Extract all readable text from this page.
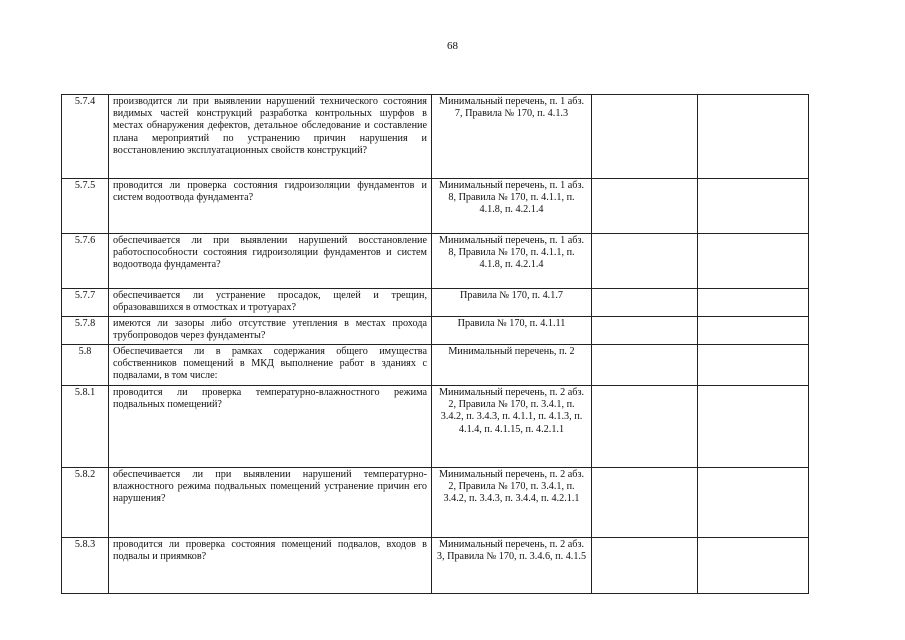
68
5.7.4	производится ли при выявлении нарушений технического состояния видимых частей конструкций разработка контрольных шурфов в местах обнаружения дефектов, детальное обследование и составление плана мероприятий по устранению причин нарушения и восстановлению эксплуатационных свойств конструкций?	Минимальный перечень, п. 1 абз. 7, Правила № 170, п. 4.1.3		
5.7.5	проводится ли проверка состояния гидроизоляции фундаментов и систем водоотвода фундамента?	Минимальный перечень, п. 1 абз. 8, Правила № 170, п. 4.1.1, п. 4.1.8, п. 4.2.1.4		
5.7.6	обеспечивается ли при выявлении нарушений восстановление работоспособности состояния гидроизоляции фундаментов и систем водоотвода фундамента?	Минимальный перечень, п. 1 абз. 8, Правила № 170, п. 4.1.1, п. 4.1.8, п. 4.2.1.4		
5.7.7	обеспечивается ли устранение просадок, щелей и трещин, образовавшихся в отмостках и тротуарах?	Правила № 170, п. 4.1.7		
5.7.8	имеются ли зазоры либо отсутствие утепления в местах прохода трубопроводов через фундаменты?	Правила № 170, п. 4.1.11		
5.8	Обеспечивается ли в рамках содержания общего имущества собственников помещений в МКД выполнение работ в зданиях с подвалами, в том числе:	Минимальный перечень, п. 2		
5.8.1	проводится ли проверка температурно-влажностного режима подвальных помещений?	Минимальный перечень, п. 2 абз. 2, Правила № 170, п. 3.4.1, п. 3.4.2, п. 3.4.3, п. 4.1.1, п. 4.1.3, п. 4.1.4, п. 4.1.15, п. 4.2.1.1		
5.8.2	обеспечивается ли при выявлении нарушений температурно-влажностного режима подвальных помещений устранение причин его нарушения?	Минимальный перечень, п. 2 абз. 2, Правила № 170, п. 3.4.1, п. 3.4.2, п. 3.4.3, п. 3.4.4, п. 4.2.1.1		
5.8.3	проводится ли проверка состояния помещений подвалов, входов в подвалы и приямков?	Минимальный перечень, п. 2 абз. 3, Правила № 170, п. 3.4.6, п. 4.1.5		
